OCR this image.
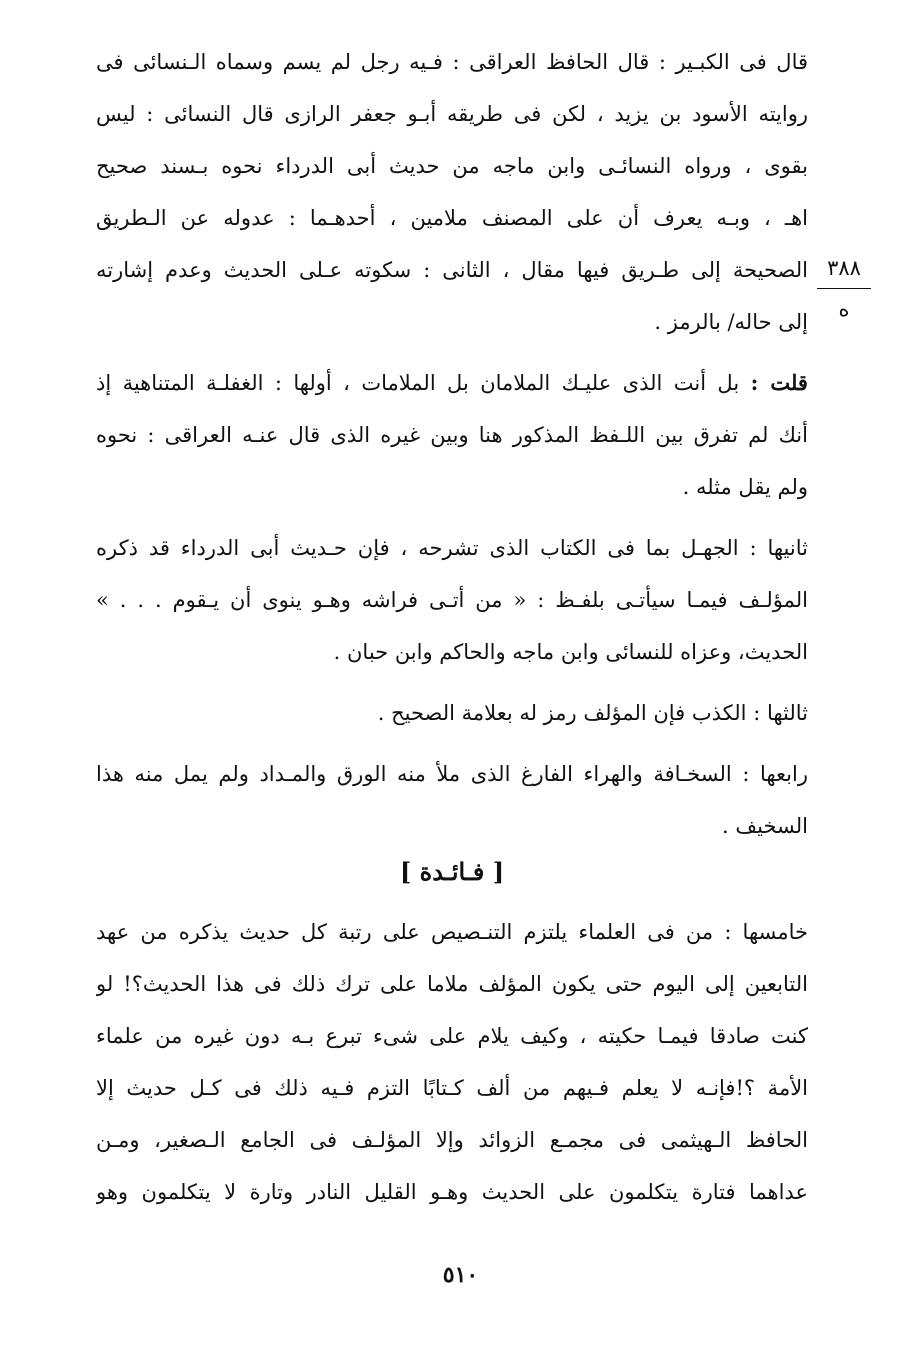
٣٨٨
ه
قال فى الكبـير : قال الحافظ العراقى : فـيه رجل لم يسم وسماه الـنسائى فى
روايته الأسود بن يزيد ، لكن فى طريقه أبـو جعفر الرازى قال النسائى : ليس
بقوى ، ورواه النسائـى وابن ماجه من حديث أبى الدرداء نحوه بـسند صحيح
اهـ ، وبـه يعرف أن على المصنف ملامين ، أحدهـما : عدوله عن الـطريق
الصحيحة إلى طـريق فيها مقال ، الثانى : سكوته عـلى الحديث وعدم إشارته
إلى حاله/ بالرمز .
قلت : بل أنت الذى عليـك الملامان بل الملامات ، أولها : الغفلـة المتناهية إذ
أنك لم تفرق بين اللـفظ المذكور هنا وبين غيره الذى قال عنـه العراقى : نحوه
ولم يقل مثله .
ثانيها : الجهـل بما فى الكتاب الذى تشرحه ، فإن حـديث أبى الدرداء قد ذكره
المؤلـف فيمـا سيأتـى بلفـظ : « من أتـى فراشه وهـو ينوى أن يـقوم . . . »
الحديث، وعزاه للنسائى وابن ماجه والحاكم وابن حبان .
ثالثها : الكذب فإن المؤلف رمز له بعلامة الصحيح .
رابعها : السخـافة والهراء الفارغ الذى ملأ منه الورق والمـداد ولم يمل منه هذا
السخيف .
[ فـائـدة ]
خامسها : من فى العلماء يلتزم التنـصيص على رتبة كل حديث يذكره من عهد
التابعين إلى اليوم حتى يكون المؤلف ملاما على ترك ذلك فى هذا الحديث؟! لو
كنت صادقا فيمـا حكيته ، وكيف يلام على شىء تبرع بـه دون غيره من علماء
الأمة ؟!فإنـه لا يعلم فـيهم من ألف كـتابًا التزم فـيه ذلك فى كـل حديث إلا
الحافظ الـهيثمى فى مجمـع الزوائد وإلا المؤلـف فى الجامع الـصغير، ومـن
عداهما فتارة يتكلمون على الحديث وهـو القليل النادر وتارة لا يتكلمون وهو
٥١٠
